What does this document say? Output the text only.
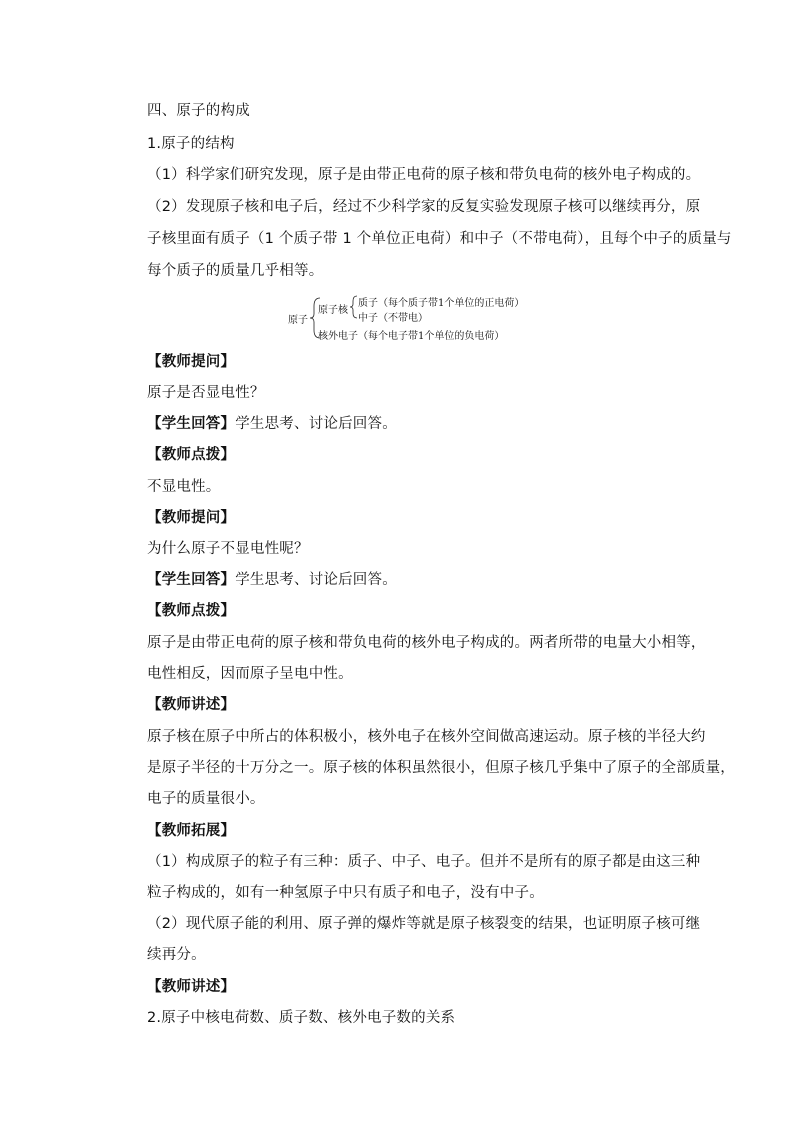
四、原子的构成
1.原子的结构
（1）科学家们研究发现，原子是由带正电荷的原子核和带负电荷的核外电子构成的。
（2）发现原子核和电子后，经过不少科学家的反复实验发现原子核可以继续再分，原
子核里面有质子（1 个质子带 1 个单位正电荷）和中子（不带电荷），且每个中子的质量与
每个质子的质量几乎相等。
原子
原子核
质子（每个质子带1个单位的正电荷）
中子（不带电）
核外电子（每个电子带1个单位的负电荷）
【教师提问】
原子是否显电性？
【学生回答】学生思考、讨论后回答。
【教师点拨】
不显电性。
【教师提问】
为什么原子不显电性呢？
【学生回答】学生思考、讨论后回答。
【教师点拨】
原子是由带正电荷的原子核和带负电荷的核外电子构成的。两者所带的电量大小相等，
电性相反，因而原子呈电中性。
【教师讲述】
原子核在原子中所占的体积极小，核外电子在核外空间做高速运动。原子核的半径大约
是原子半径的十万分之一。原子核的体积虽然很小，但原子核几乎集中了原子的全部质量，
电子的质量很小。
【教师拓展】
（1）构成原子的粒子有三种：质子、中子、电子。但并不是所有的原子都是由这三种
粒子构成的，如有一种氢原子中只有质子和电子，没有中子。
（2）现代原子能的利用、原子弹的爆炸等就是原子核裂变的结果，也证明原子核可继
续再分。
【教师讲述】
2.原子中核电荷数、质子数、核外电子数的关系
